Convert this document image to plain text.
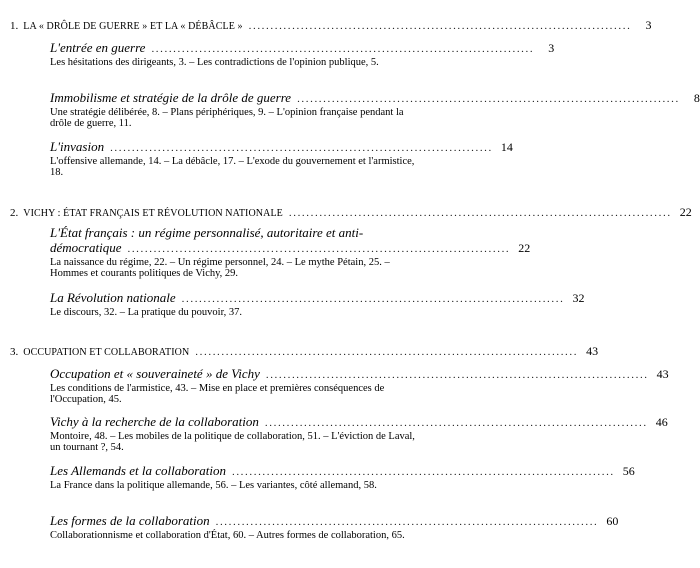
1. LA « DRÔLE DE GUERRE » ET LA « DÉBÂCLE » ........................................................................................	3
L'entrée en guerre ........................................................................................	3
Les hésitations des dirigeants, 3. – Les contradictions de l'opinion publique, 5.
Immobilisme et stratégie de la drôle de guerre ........................................................................................	8
Une stratégie délibérée, 8. – Plans périphériques, 9. – L'opinion française pendant la drôle de guerre, 11.
L'invasion ........................................................................................ 14
L'offensive allemande, 14. – La débâcle, 17. – L'exode du gouvernement et l'armistice, 18.
2. VICHY : ÉTAT FRANÇAIS ET RÉVOLUTION NATIONALE ........................................................................................ 22
L'État français : un régime personnalisé, autoritaire et anti-
démocratique ........................................................................................ 22
La naissance du régime, 22. – Un régime personnel, 24. – Le mythe Pétain, 25. – Hommes et courants politiques de Vichy, 29.
La Révolution nationale ........................................................................................ 32
Le discours, 32. – La pratique du pouvoir, 37.
3. OCCUPATION ET COLLABORATION ........................................................................................ 43
Occupation et « souveraineté » de Vichy ........................................................................................ 43
Les conditions de l'armistice, 43. – Mise en place et premières conséquences de l'Occupation, 45.
Vichy à la recherche de la collaboration ........................................................................................ 46
Montoire, 48. – Les mobiles de la politique de collaboration, 51. – L'éviction de Laval, un tournant ?, 54.
Les Allemands et la collaboration ........................................................................................ 56
La France dans la politique allemande, 56. – Les variantes, côté allemand, 58.
Les formes de la collaboration ........................................................................................ 60
Collaborationnisme et collaboration d'État, 60. – Autres formes de collaboration, 65.
